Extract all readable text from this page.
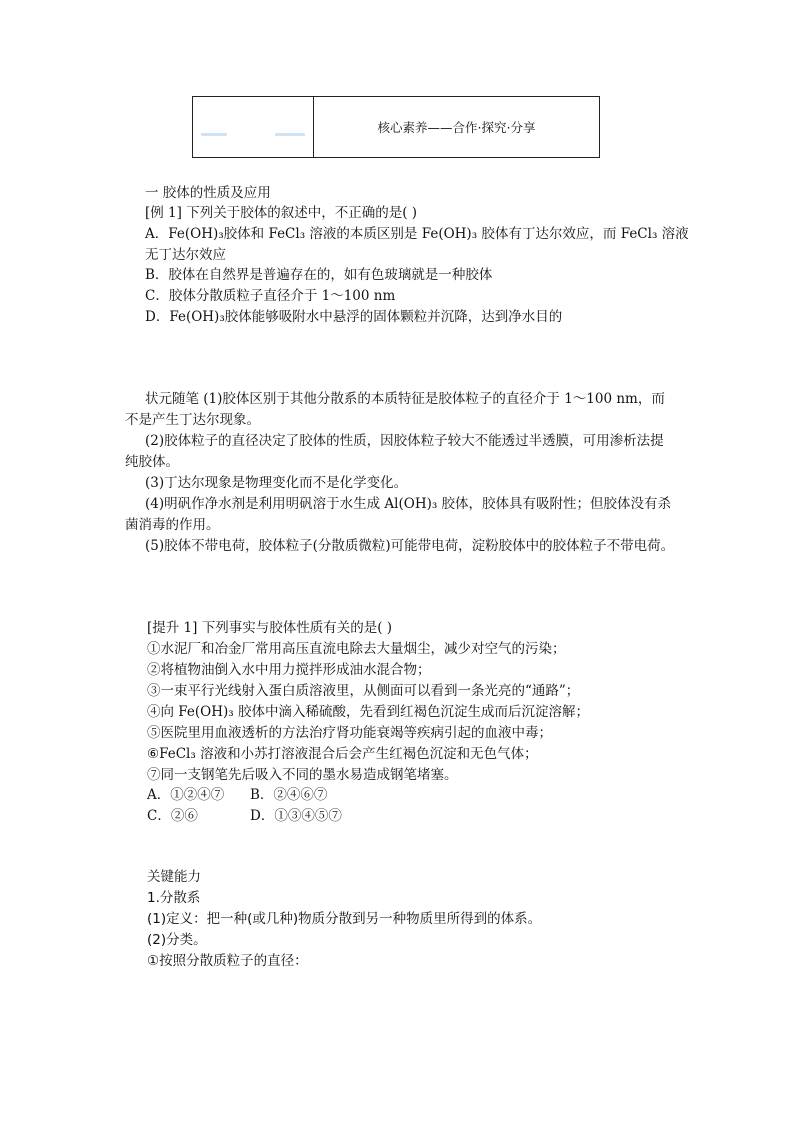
核心素养——合作·探究·分享
一 胶体的性质及应用
[例 1] 下列关于胶体的叙述中，不正确的是( )
A．Fe(OH)₃胶体和 FeCl₃ 溶液的本质区别是 Fe(OH)₃ 胶体有丁达尔效应，而 FeCl₃ 溶液
无丁达尔效应
B．胶体在自然界是普遍存在的，如有色玻璃就是一种胶体
C．胶体分散质粒子直径介于 1～100 nm
D．Fe(OH)₃胶体能够吸附水中悬浮的固体颗粒并沉降，达到净水目的
状元随笔 (1)胶体区别于其他分散系的本质特征是胶体粒子的直径介于 1～100 nm，而
不是产生丁达尔现象。
(2)胶体粒子的直径决定了胶体的性质，因胶体粒子较大不能透过半透膜，可用渗析法提
纯胶体。
(3)丁达尔现象是物理变化而不是化学变化。
(4)明矾作净水剂是利用明矾溶于水生成 Al(OH)₃ 胶体，胶体具有吸附性；但胶体没有杀
菌消毒的作用。
(5)胶体不带电荷，胶体粒子(分散质微粒)可能带电荷，淀粉胶体中的胶体粒子不带电荷。
[提升 1] 下列事实与胶体性质有关的是( )
①水泥厂和冶金厂常用高压直流电除去大量烟尘，减少对空气的污染；
②将植物油倒入水中用力搅拌形成油水混合物；
③一束平行光线射入蛋白质溶液里，从侧面可以看到一条光亮的“通路”；
④向 Fe(OH)₃ 胶体中滴入稀硫酸，先看到红褐色沉淀生成而后沉淀溶解；
⑤医院里用血液透析的方法治疗肾功能衰竭等疾病引起的血液中毒；
⑥FeCl₃ 溶液和小苏打溶液混合后会产生红褐色沉淀和无色气体；
⑦同一支钢笔先后吸入不同的墨水易造成钢笔堵塞。
A．①②④⑦ B．②④⑥⑦
C．②⑥	D．①③④⑤⑦
关键能力
1.分散系
(1)定义：把一种(或几种)物质分散到另一种物质里所得到的体系。
(2)分类。
①按照分散质粒子的直径：
